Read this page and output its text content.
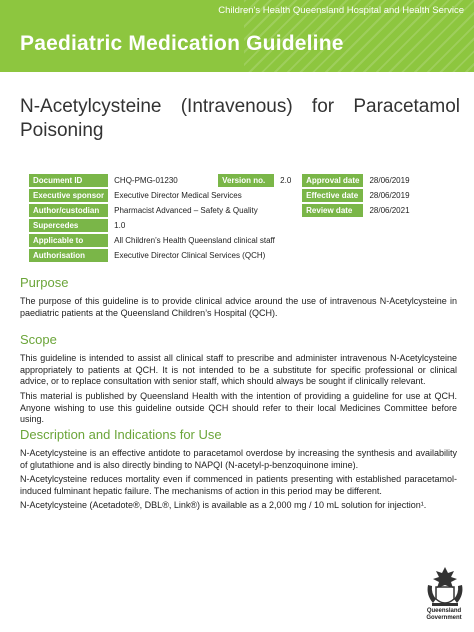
Children's Health Queensland Hospital and Health Service
Paediatric Medication Guideline
N-Acetylcysteine (Intravenous) for Paracetamol Poisoning
Document ID	CHQ-PMG-01230	Version no.	2.0	Approval date	28/06/2019
Executive sponsor	Executive Director Medical Services			Effective date	28/06/2019
Author/custodian	Pharmacist Advanced – Safety & Quality			Review date	28/06/2021
Supercedes	1.0				
Applicable to	All Children’s Health Queensland clinical staff				
Authorisation	Executive Director Clinical Services (QCH)				
Purpose

The purpose of this guideline is to provide clinical advice around the use of intravenous N-Acetylcysteine in paediatric patients at the Queensland Children’s Hospital (QCH).

Scope

This guideline is intended to assist all clinical staff to prescribe and administer intravenous N-Acetylcysteine appropriately to patients at QCH. It is not intended to be a substitute for specific professional or clinical advice, or to replace consultation with senior staff, which should always be sought if clinically relevant.

This material is published by Queensland Health with the intention of providing a guideline for use at QCH. Anyone wishing to use this guideline outside QCH should refer to their local Medicines Committee before using.

Description and Indications for Use

N-Acetylcysteine is an effective antidote to paracetamol overdose by increasing the synthesis and availability of glutathione and is also directly binding to NAPQI (N-acetyl-p-benzoquinone imine).

N-Acetylcysteine reduces mortality even if commenced in patients presenting with established paracetamol-induced fulminant hepatic failure. The mechanisms of action in this period may be different.

N-Acetylcysteine (Acetadote®, DBL®, Link®) is available as a 2,000 mg / 10 mL solution for injection¹.

Queensland
Government
